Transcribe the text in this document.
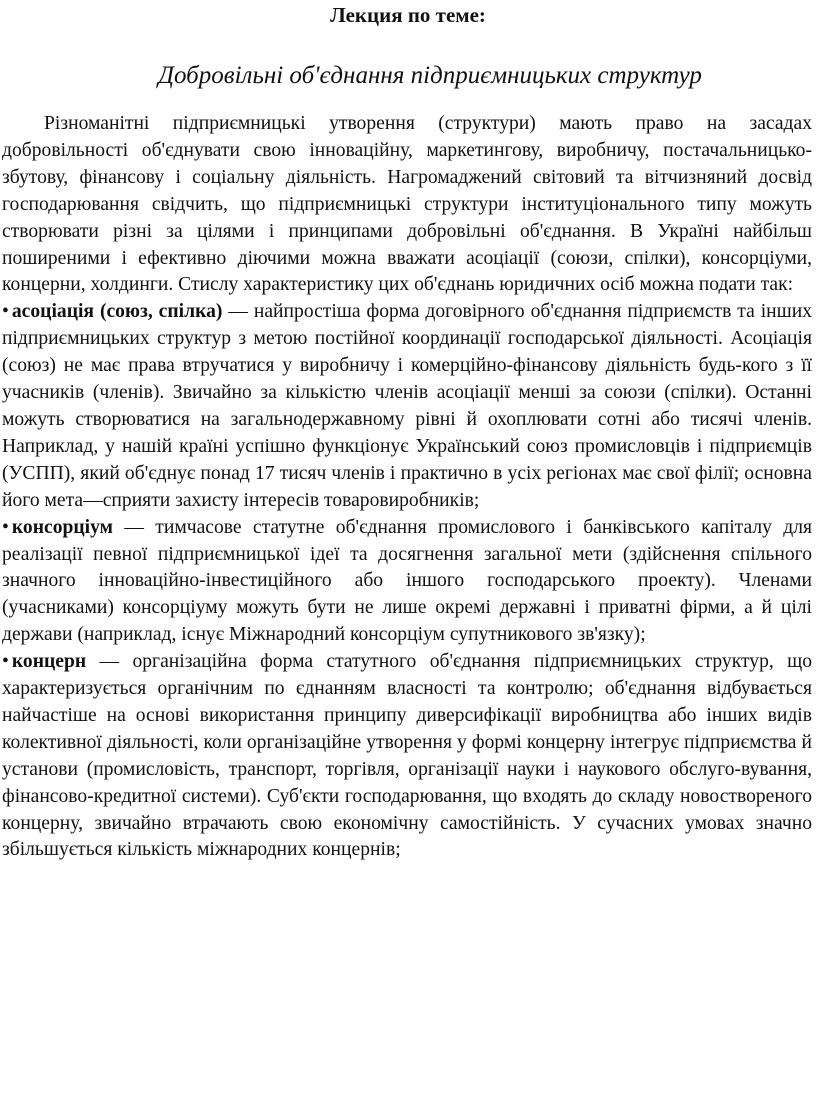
Лекция по теме:
Добровільні об'єднання підприємницьких структур

Різноманітні підприємницькі утворення (структури) мають право на засадах добровільності об'єднувати свою інноваційну, маркетингову, виробничу, постачальницько-збутову, фінансову і соціальну діяльність. Нагромаджений світовий та вітчизняний досвід господарювання свідчить, що підприємницькі структури інституціонального типу можуть створювати різні за цілями і принципами добровільні об'єднання. В Україні найбільш поширеними і ефективно діючими можна вважати асоціації (союзи, спілки), консорціуми, концерни, холдинги. Стислу характеристику цих об'єднань юридичних осіб можна подати так:

• асоціація (союз, спілка) — найпростіша форма договірного об'єднання підприємств та інших підприємницьких структур з метою постійної координації господарської діяльності. Асоціація (союз) не має права втручатися у виробничу і комерційно-фінансову діяльність будь-кого з її учасників (членів). Звичайно за кількістю членів асоціації менші за союзи (спілки). Останні можуть створюватися на загальнодержавному рівні й охоплювати сотні або тисячі членів. Наприклад, у нашій країні успішно функціонує Український союз промисловців і підприємців (УСПП), який об'єднує понад 17 тисяч членів і практично в усіх регіонах має свої філії; основна його мета—сприяти захисту інтересів товаровиробників;

• консорціум — тимчасове статутне об'єднання промислового і банківського капіталу для реалізації певної підприємницької ідеї та досягнення загальної мети (здійснення спільного значного інноваційно-інвестиційного або іншого господарського проекту). Членами (учасниками) консорціуму можуть бути не лише окремі державні і приватні фірми, а й цілі держави (наприклад, існує Міжнародний консорціум супутникового зв'язку);

• концерн — організаційна форма статутного об'єднання підприємницьких структур, що характеризується органічним по єднанням власності та контролю; об'єднання відбувається найчастіше на основі використання принципу диверсифікації виробництва або інших видів колективної діяльності, коли організаційне утворення у формі концерну інтегрує підприємства й установи (промисловість, транспорт, торгівля, організації науки і наукового обслуго-вування, фінансово-кредитної системи). Суб'єкти господарювання, що входять до складу новоствореного концерну, звичайно втрачають свою економічну самостійність. У сучасних умовах значно збільшується кількість міжнародних концернів;
